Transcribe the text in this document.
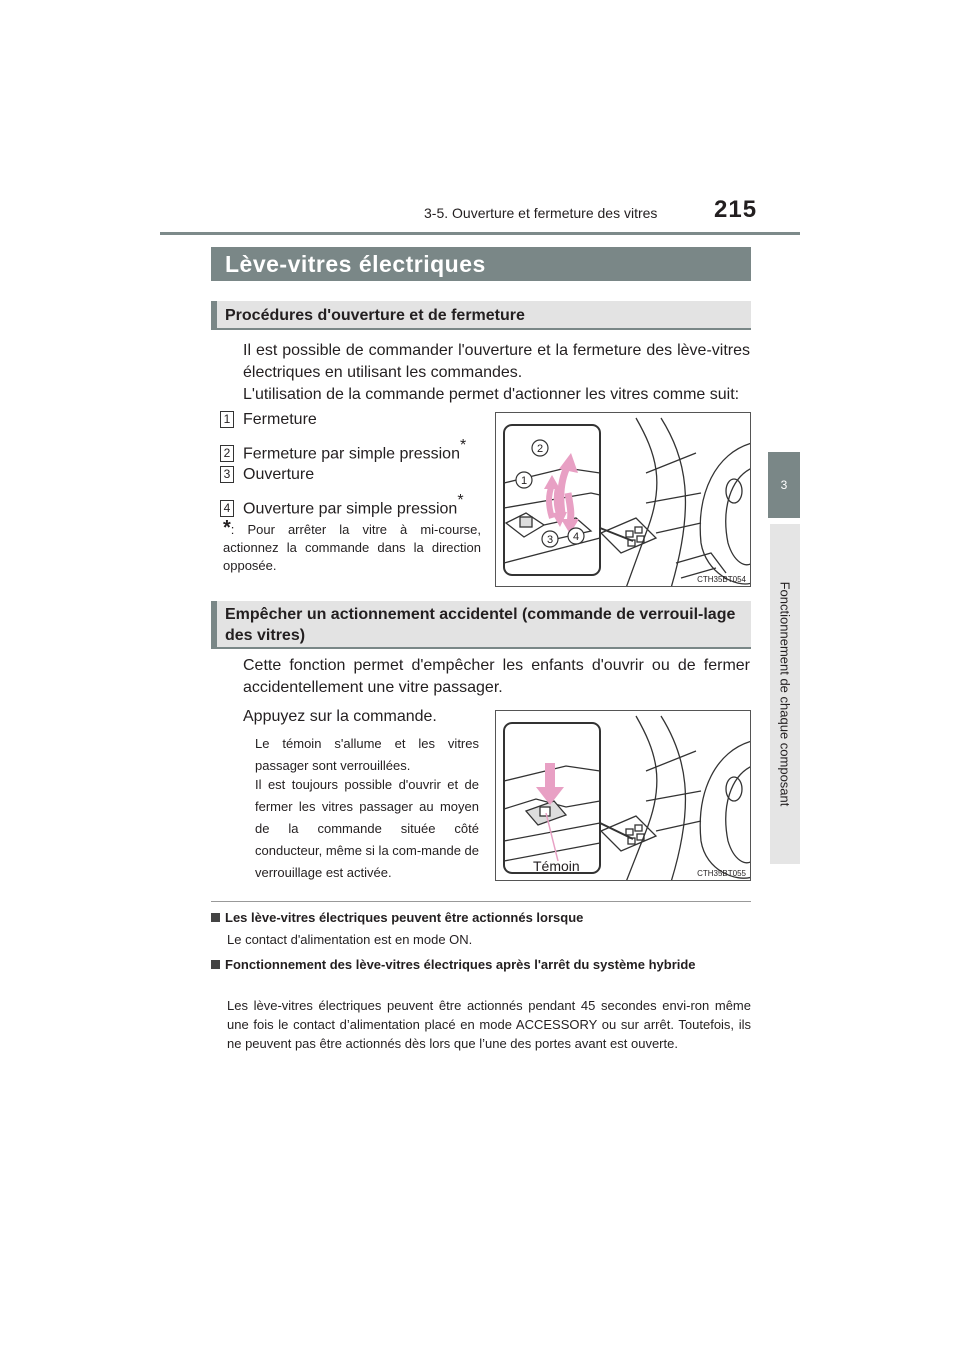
3-5. Ouverture et fermeture des vitres 215
3
Fonctionnement de chaque composant
Lève-vitres électriques
Procédures d'ouverture et de fermeture
Il est possible de commander l'ouverture et la fermeture des lève-vitres électriques en utilisant les commandes.
L'utilisation de la commande permet d'actionner les vitres comme suit:
1 Fermeture
2 Fermeture par simple pression*
3 Ouverture
4 Ouverture par simple pression*
*: Pour arrêter la vitre à mi-course, actionnez la commande dans la direction opposée.
2
1
3 4
CTH35BT054
Empêcher un actionnement accidentel (commande de verrouil-lage des vitres)
Cette fonction permet d'empêcher les enfants d'ouvrir ou de fermer accidentellement une vitre passager.
Appuyez sur la commande.
Le témoin s'allume et les vitres passager sont verrouillées.
Il est toujours possible d'ouvrir et de fermer les vitres passager au moyen de la commande située côté conducteur, même si la com-mande de verrouillage est activée.	Témoin	CTH35BT055
Les lève-vitres électriques peuvent être actionnés lorsque
Le contact d'alimentation est en mode ON.
Fonctionnement des lève-vitres électriques après l'arrêt du système hybride
Les lève-vitres électriques peuvent être actionnés pendant 45 secondes envi-ron même une fois le contact d’alimentation placé en mode ACCESSORY ou sur arrêt. Toutefois, ils ne peuvent pas être actionnés dès lors que l’une des portes avant est ouverte.
